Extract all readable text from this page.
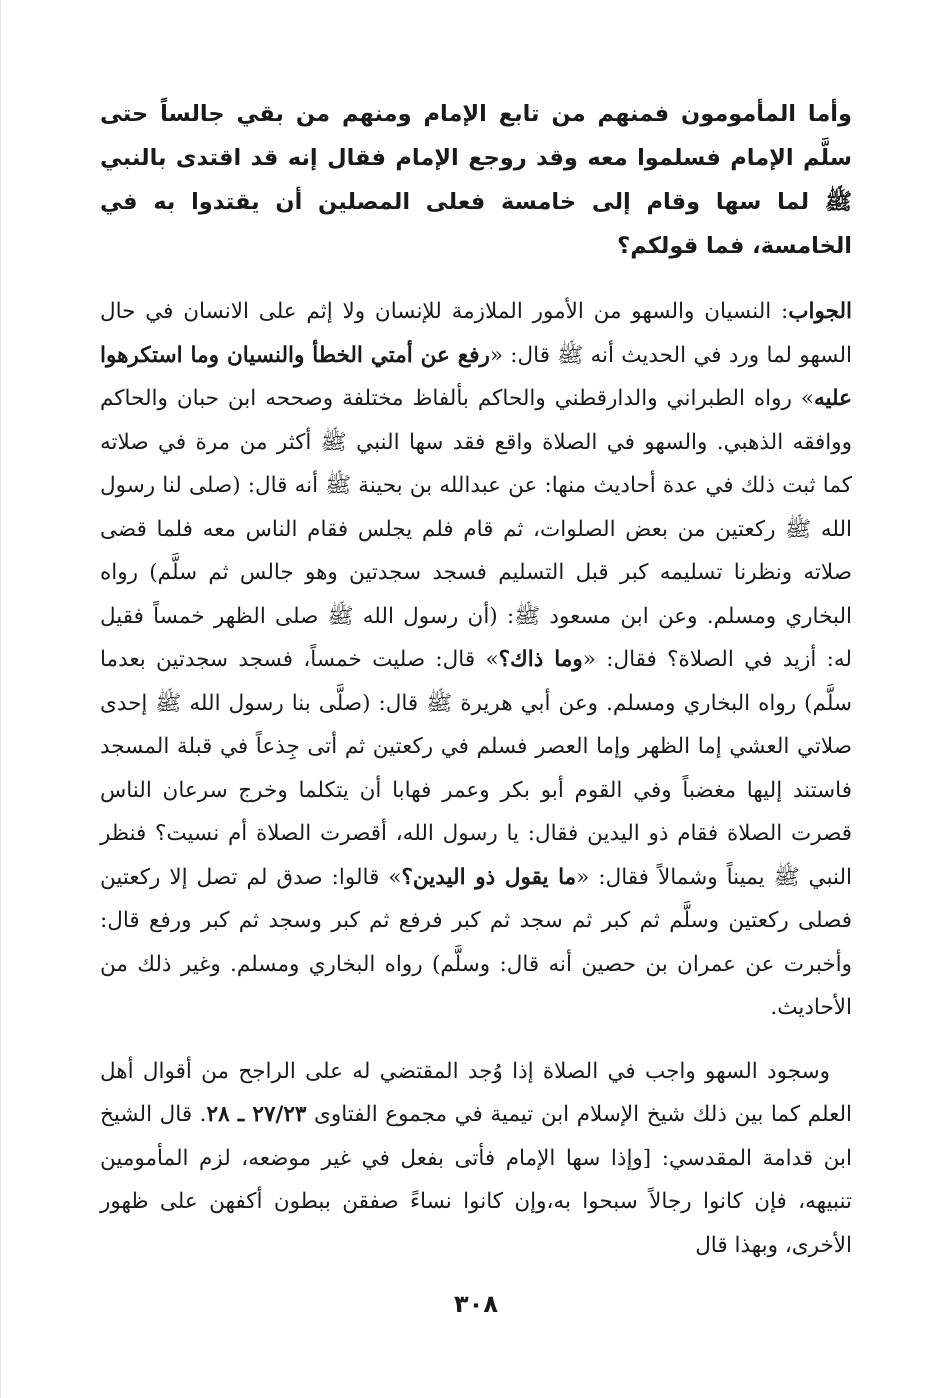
وأما المأمومون فمنهم من تابع الإمام ومنهم من بقي جالساً حتى سلَّم الإمام فسلموا معه وقد روجع الإمام فقال إنه قد اقتدى بالنبي ﷺ لما سها وقام إلى خامسة فعلى المصلين أن يقتدوا به في الخامسة، فما قولكم؟

الجواب: النسيان والسهو من الأمور الملازمة للإنسان ولا إثم على الانسان في حال السهو لما ورد في الحديث أنه ﷺ قال: «رفع عن أمتي الخطأ والنسيان وما استكرهوا عليه» رواه الطبراني والدارقطني والحاكم بألفاظ مختلفة وصححه ابن حبان والحاكم ووافقه الذهبي. والسهو في الصلاة واقع فقد سها النبي ﷺ أكثر من مرة في صلاته كما ثبت ذلك في عدة أحاديث منها: عن عبدالله بن بحينة ﷺ أنه قال: (صلى لنا رسول الله ﷺ ركعتين من بعض الصلوات، ثم قام فلم يجلس فقام الناس معه فلما قضى صلاته ونظرنا تسليمه كبر قبل التسليم فسجد سجدتين وهو جالس ثم سلَّم) رواه البخاري ومسلم. وعن ابن مسعود ﷺ: (أن رسول الله ﷺ صلى الظهر خمساً فقيل له: أزيد في الصلاة؟ فقال: «وما ذاك؟» قال: صليت خمساً، فسجد سجدتين بعدما سلَّم) رواه البخاري ومسلم. وعن أبي هريرة ﷺ قال: (صلَّى بنا رسول الله ﷺ إحدى صلاتي العشي إما الظهر وإما العصر فسلم في ركعتين ثم أتى جِذعاً في قبلة المسجد فاستند إليها مغضباً وفي القوم أبو بكر وعمر فهابا أن يتكلما وخرج سرعان الناس قصرت الصلاة فقام ذو اليدين فقال: يا رسول الله، أقصرت الصلاة أم نسيت؟ فنظر النبي ﷺ يميناً وشمالاً فقال: «ما يقول ذو اليدين؟» قالوا: صدق لم تصل إلا ركعتين فصلى ركعتين وسلَّم ثم كبر ثم سجد ثم كبر فرفع ثم كبر وسجد ثم كبر ورفع قال: وأخبرت عن عمران بن حصين أنه قال: وسلَّم) رواه البخاري ومسلم. وغير ذلك من الأحاديث.

وسجود السهو واجب في الصلاة إذا وُجد المقتضي له على الراجح من أقوال أهل العلم كما بين ذلك شيخ الإسلام ابن تيمية في مجموع الفتاوى ٢٧/٢٣ ـ ٢٨. قال الشيخ ابن قدامة المقدسي: [وإذا سها الإمام فأتى بفعل في غير موضعه، لزم المأمومين تنبيهه، فإن كانوا رجالاً سبحوا به،وإن كانوا نساءً صفقن ببطون أكفهن على ظهور الأخرى، وبهذا قال

٣٠٨
